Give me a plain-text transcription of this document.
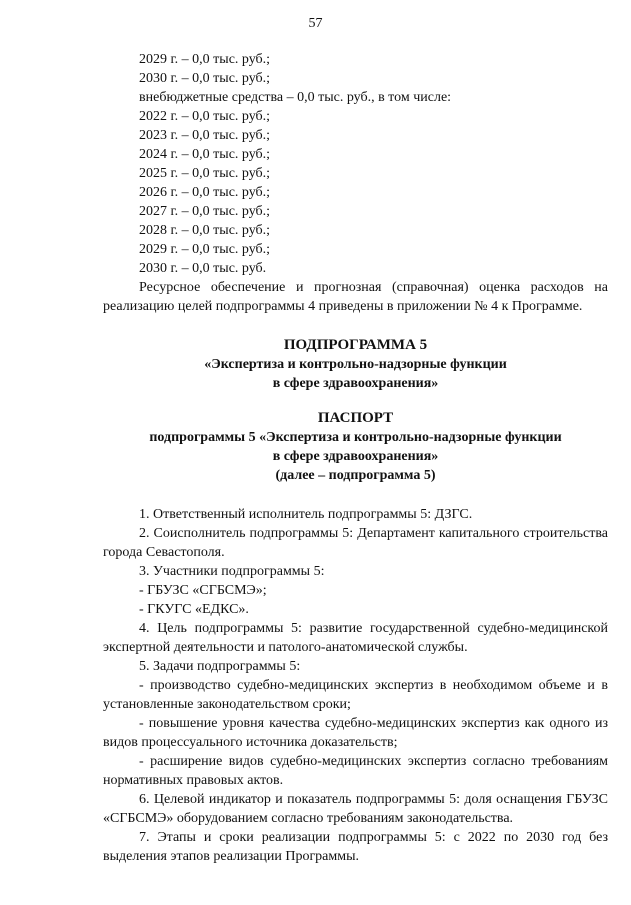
57

2029 г. – 0,0 тыс. руб.;

2030 г. – 0,0 тыс. руб.;

внебюджетные средства – 0,0 тыс. руб., в том числе:

2022 г. – 0,0 тыс. руб.;

2023 г. – 0,0 тыс. руб.;

2024 г. – 0,0 тыс. руб.;

2025 г. – 0,0 тыс. руб.;

2026 г. – 0,0 тыс. руб.;

2027 г. – 0,0 тыс. руб.;

2028 г. – 0,0 тыс. руб.;

2029 г. – 0,0 тыс. руб.;

2030 г. – 0,0 тыс. руб.

Ресурсное обеспечение и прогнозная (справочная) оценка расходов на реализацию целей подпрограммы 4 приведены в приложении № 4 к Программе.

ПОДПРОГРАММА 5

«Экспертиза и контрольно-надзорные функции

в сфере здравоохранения»

ПАСПОРТ

подпрограммы 5 «Экспертиза и контрольно-надзорные функции

в сфере здравоохранения»

(далее – подпрограмма 5)

1. Ответственный исполнитель подпрограммы 5: ДЗГС.

2. Соисполнитель подпрограммы 5: Департамент капитального строительства города Севастополя.

3. Участники подпрограммы 5:

- ГБУЗС «СГБСМЭ»;

- ГКУГС «ЕДКС».

4. Цель подпрограммы 5: развитие государственной судебно-медицинской экспертной деятельности и патолого-анатомической службы.

5. Задачи подпрограммы 5:

- производство судебно-медицинских экспертиз в необходимом объеме и в установленные законодательством сроки;

- повышение уровня качества судебно-медицинских экспертиз как одного из видов процессуального источника доказательств;

- расширение видов судебно-медицинских экспертиз согласно требованиям нормативных правовых актов.

6. Целевой индикатор и показатель подпрограммы 5: доля оснащения ГБУЗС «СГБСМЭ» оборудованием согласно требованиям законодательства.

7. Этапы и сроки реализации подпрограммы 5: с 2022 по 2030 год без выделения этапов реализации Программы.
